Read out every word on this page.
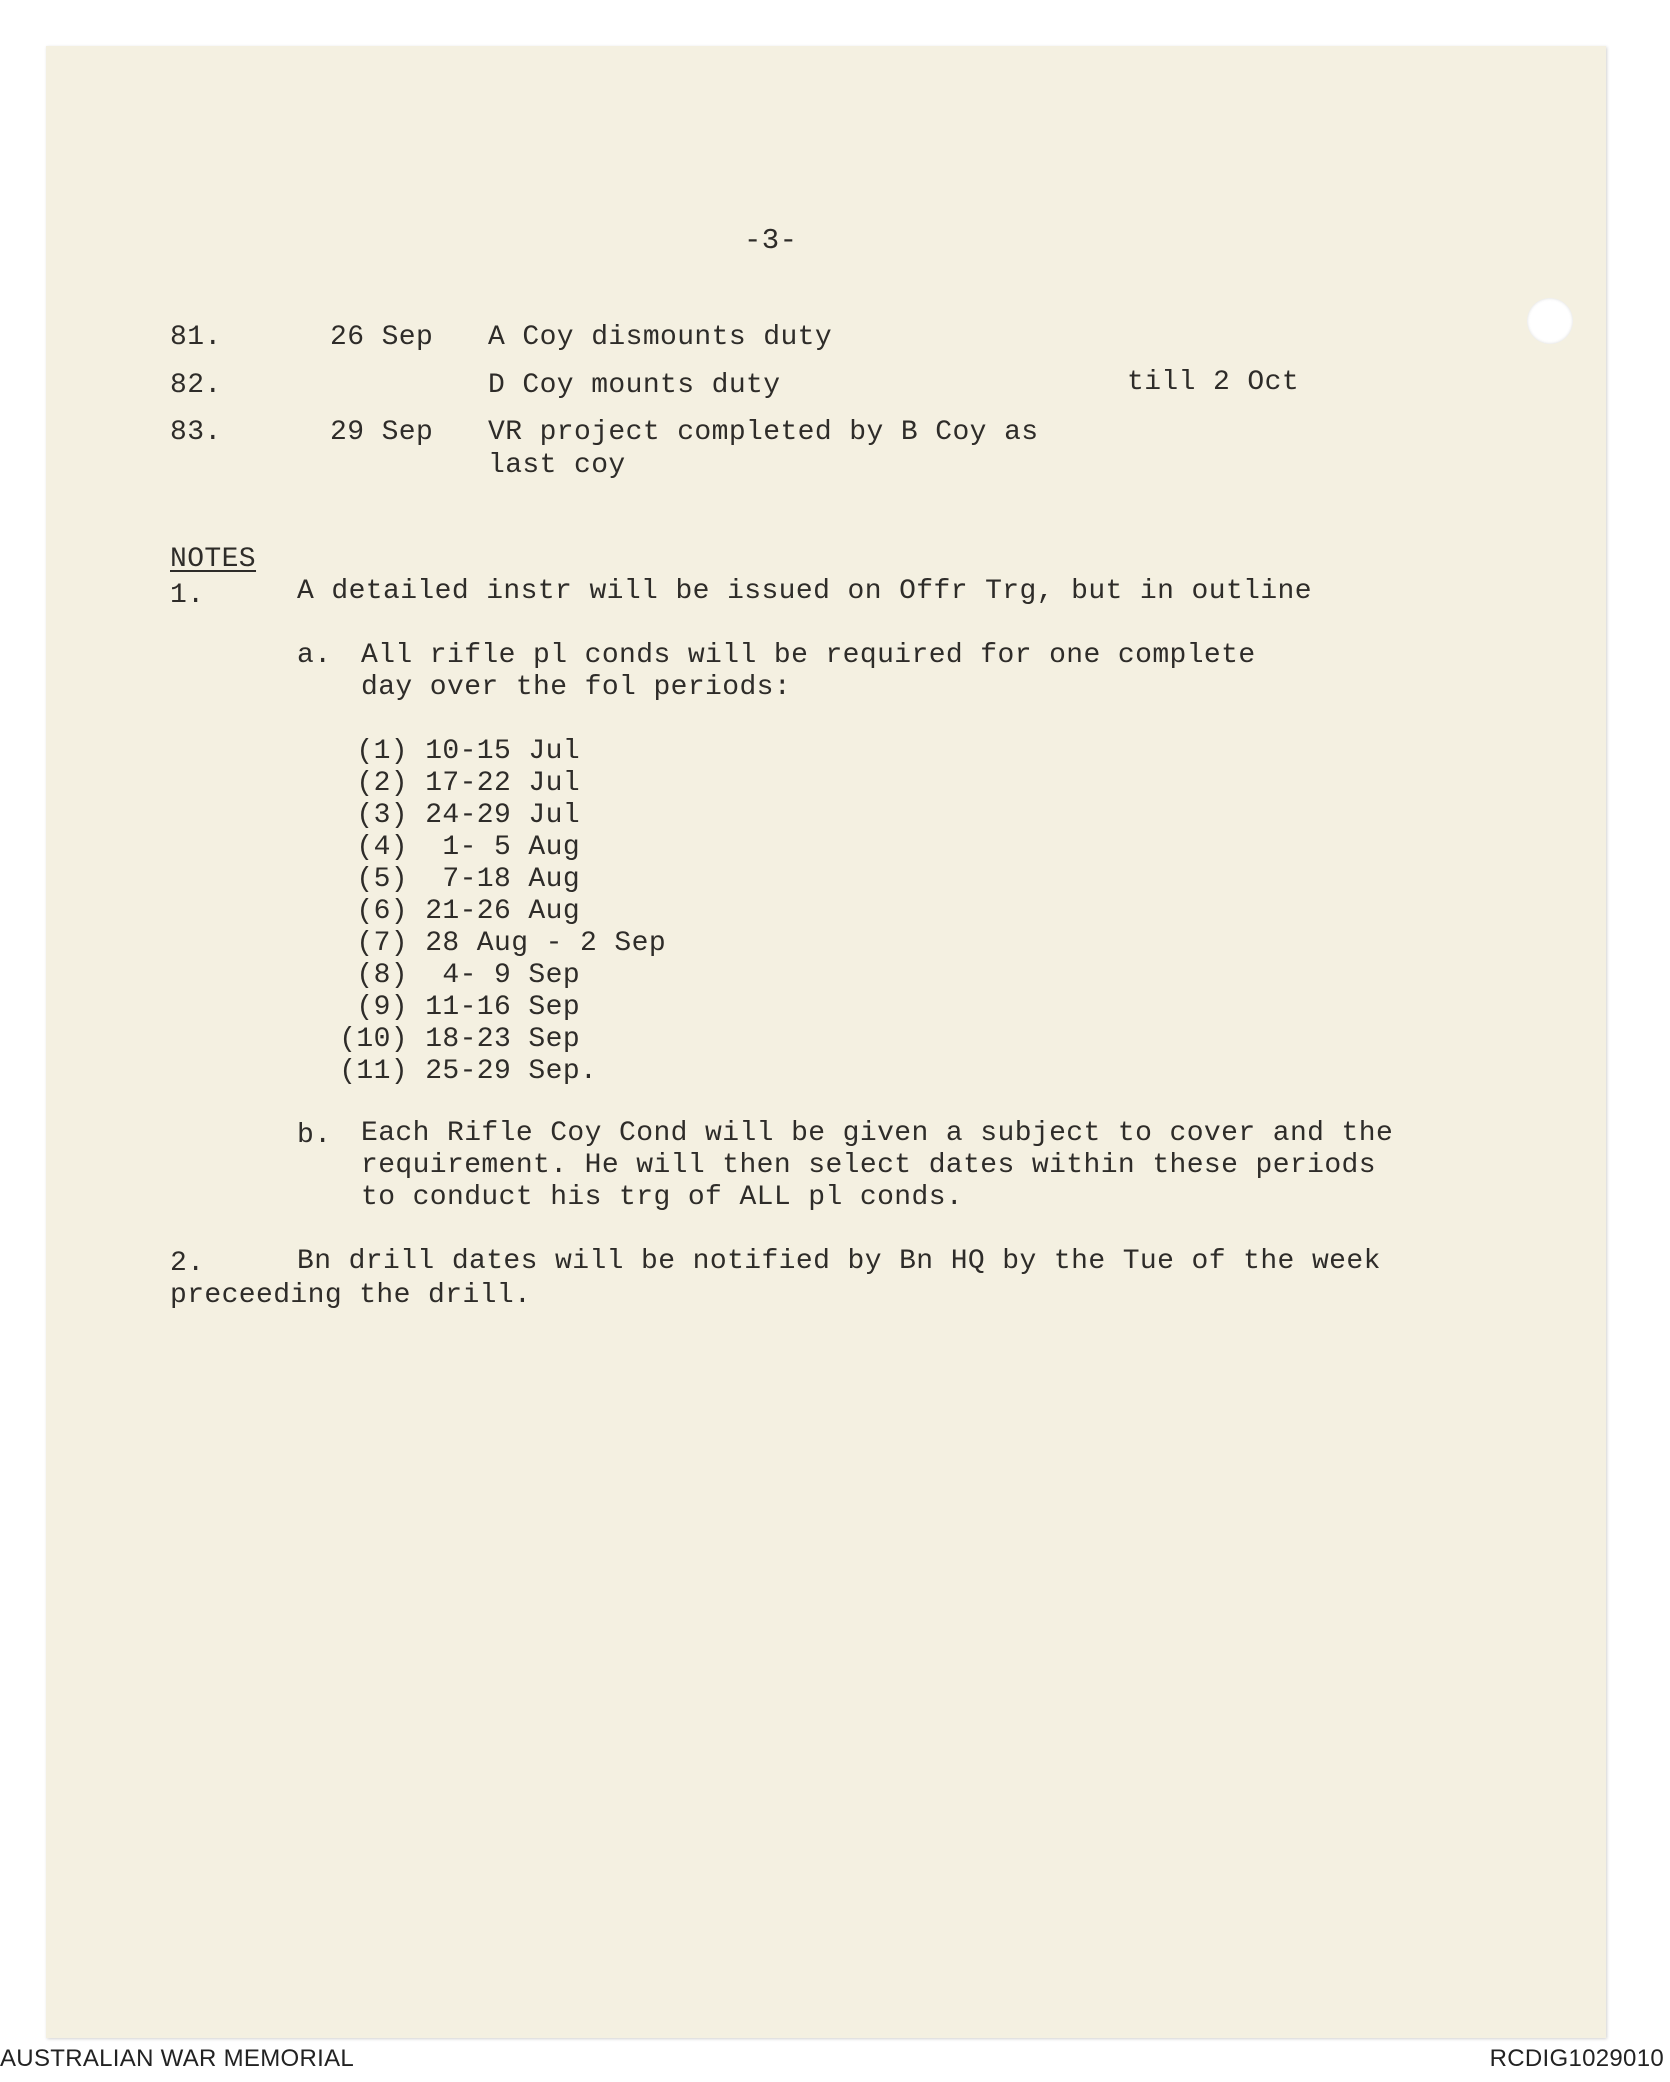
-3-
81.	26 Sep A Coy dismounts duty
82.	D Coy mounts duty	till 2 Oct
83.	29 Sep VR project completed by B Coy as
last coy
NOTES
1.	A detailed instr will be issued on Offr Trg, but in outline
a. All rifle pl conds will be required for one complete
day over the fol periods:
(1) 10-15 Jul
(2) 17-22 Jul
(3) 24-29 Jul
(4)  1- 5 Aug
(5)  7-18 Aug
(6) 21-26 Aug
(7) 28 Aug - 2 Sep
(8)  4- 9 Sep
(9) 11-16 Sep
(10) 18-23 Sep
(11) 25-29 Sep.
b. Each Rifle Coy Cond will be given a subject to cover and the
requirement. He will then select dates within these periods
to conduct his trg of ALL pl conds.
2.	Bn drill dates will be notified by Bn HQ by the Tue of the week
preceeding the drill.
AUSTRALIAN WAR MEMORIAL	RCDIG1029010
